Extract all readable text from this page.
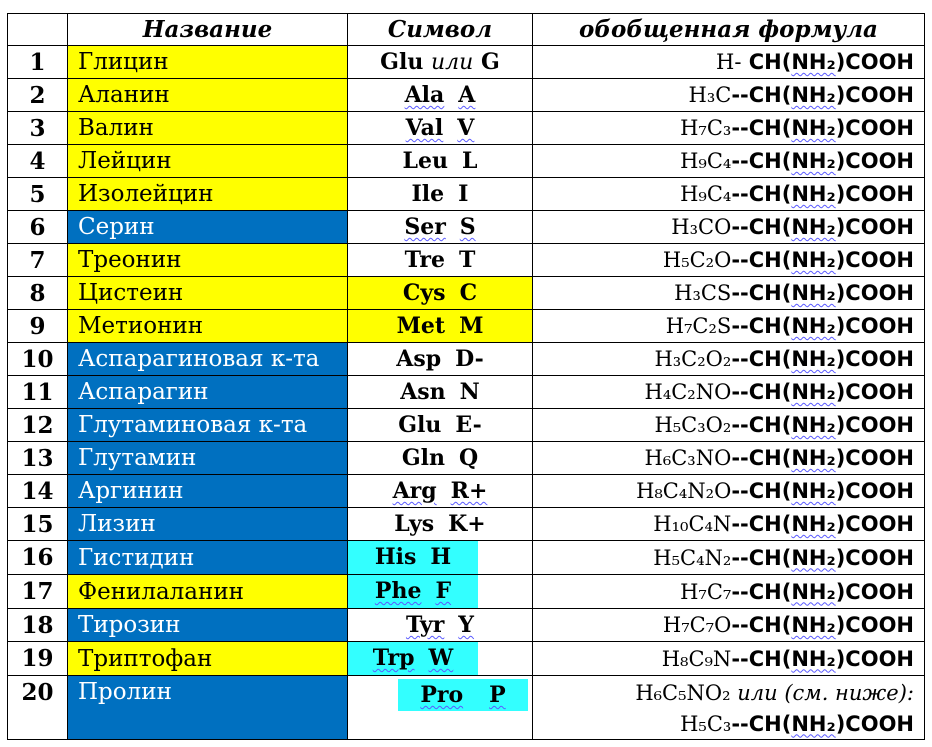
	Название	Символ	обобщенная формула
1	Глицин	Glu или G	H- CH(NH₂)COOH
2	Аланин	Ala A	H₃C--CH(NH₂)COOH
3	Валин	Val V	H₇C₃--CH(NH₂)COOH
4	Лейцин	Leu L	H₉C₄--CH(NH₂)COOH
5	Изолейцин	Ile I	H₉C₄--CH(NH₂)COOH
6	Серин	Ser S	H₃CO--CH(NH₂)COOH
7	Треонин	Tre T	H₅C₂O--CH(NH₂)COOH
8	Цистеин	Cys C	H₃CS--CH(NH₂)COOH
9	Метионин	Met M	H₇C₂S--CH(NH₂)COOH
10	Аспарагиновая к-та	Asp D-	H₃C₂O₂--CH(NH₂)COOH
11	Аспарагин	Asn N	H₄C₂NO--CH(NH₂)COOH
12	Глутаминовая к-та	Glu E-	H₅C₃O₂--CH(NH₂)COOH
13	Глутамин	Gln Q	H₆C₃NO--CH(NH₂)COOH
14	Аргинин	Arg R+	H₈C₄N₂O--CH(NH₂)COOH
15	Лизин	Lys K+	H₁₀C₄N--CH(NH₂)COOH
16	Гистидин	His H	H₅C₄N₂--CH(NH₂)COOH
17	Фенилаланин	Phe F	H₇C₇--CH(NH₂)COOH
18	Тирозин	Tyr Y	H₇C₇O--CH(NH₂)COOH
19	Триптофан	Trp W	H₈C₉N--CH(NH₂)COOH
20	Пролин	Pro P	H₆C₅NO₂ или (см. ниже):
H₅C₃--CH(NH₂)COOH
